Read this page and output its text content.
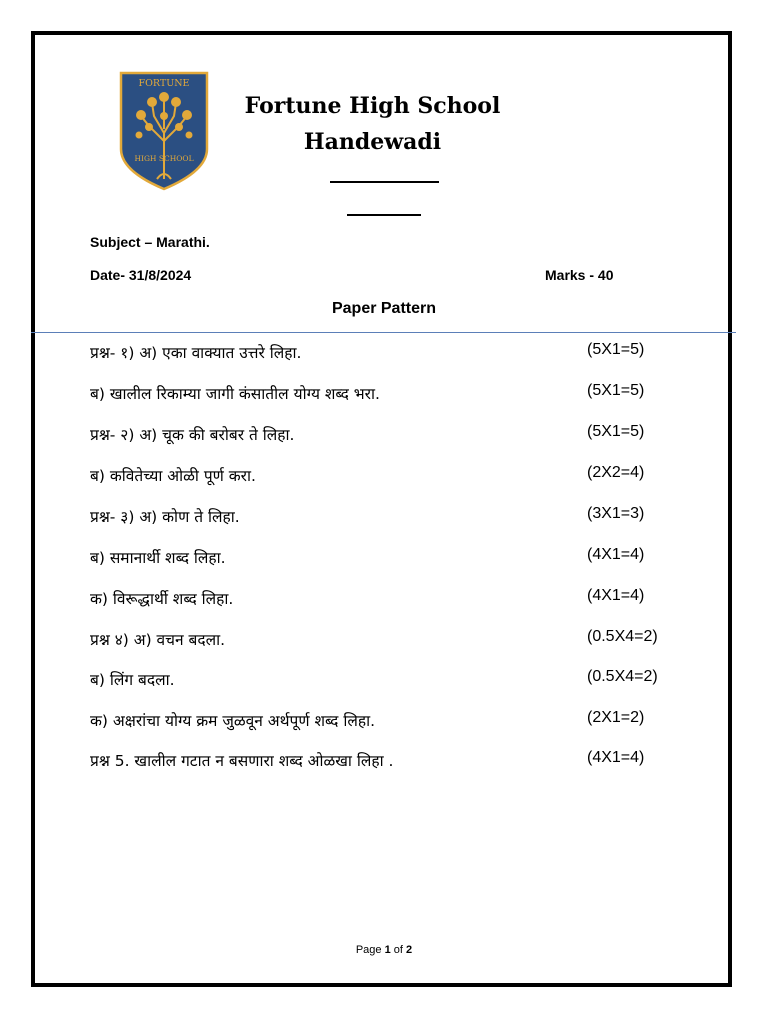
FORTUNE
HIGH SCHOOL
Fortune High School
Handewadi
Subject – Marathi.
Date- 31/8/2024	Marks - 40
Paper Pattern
प्रश्न- १) अ) एका वाक्यात उत्तरे लिहा.	(5X1=5)
ब) खालील रिकाम्या जागी कंसातील योग्य शब्द भरा.	(5X1=5)
प्रश्न- २) अ) चूक की बरोबर ते लिहा.	(5X1=5)
ब) कवितेच्या ओळी पूर्ण करा.	(2X2=4)
प्रश्न- ३) अ) कोण ते लिहा.	(3X1=3)
ब) समानार्थी शब्द लिहा.	(4X1=4)
क) विरूद्धार्थी शब्द लिहा.	(4X1=4)
प्रश्न ४) अ) वचन बदला.	(0.5X4=2)
ब) लिंग बदला.	(0.5X4=2)
क) अक्षरांचा योग्य क्रम जुळवून अर्थपूर्ण शब्द लिहा.	(2X1=2)
प्रश्न 5. खालील गटात न बसणारा शब्द ओळखा लिहा .	(4X1=4)
Page 1 of 2
